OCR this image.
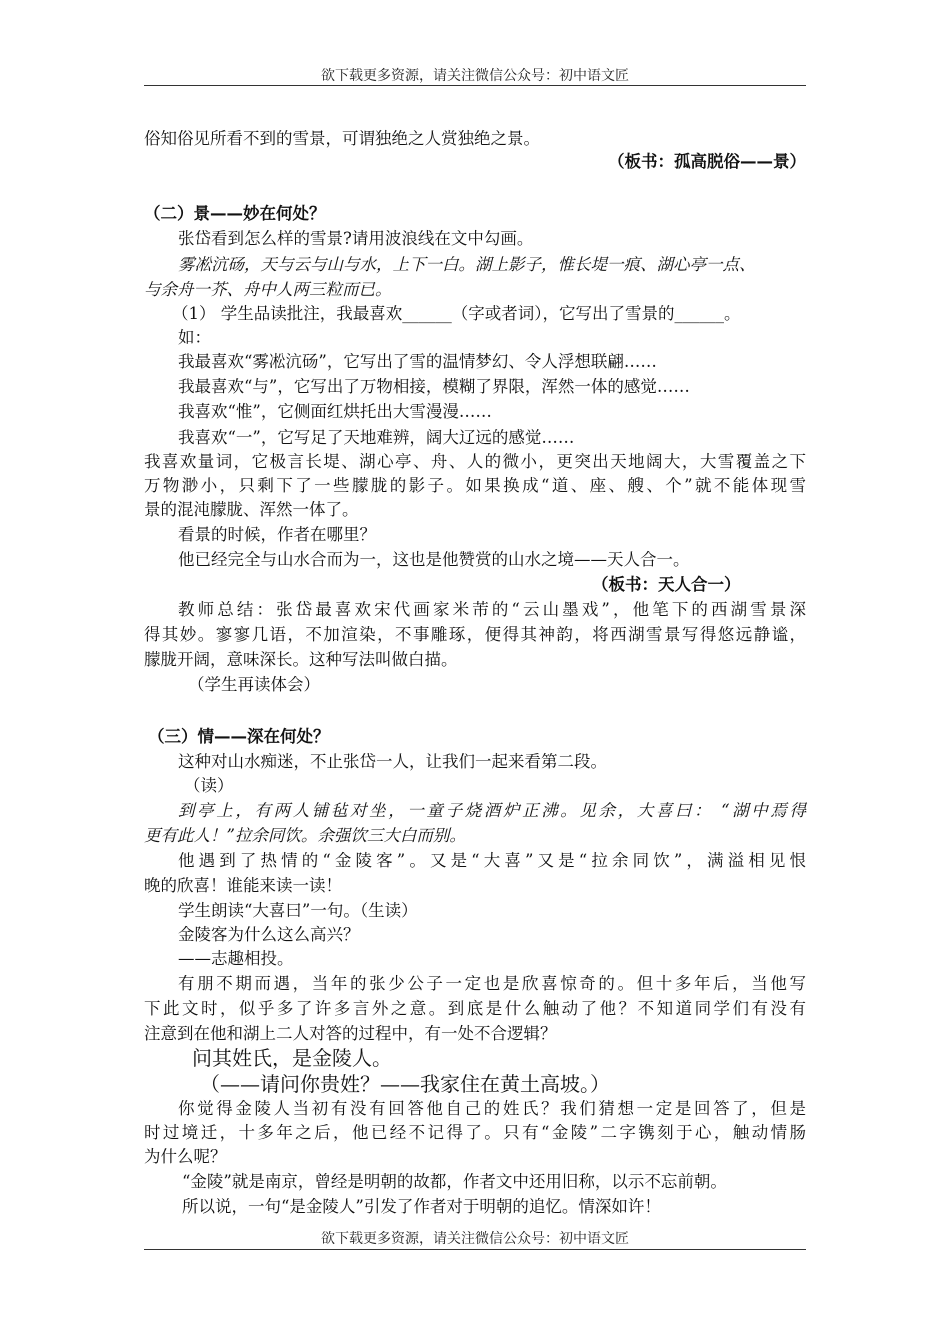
欲下载更多资源，请关注微信公众号：初中语文匠
俗知俗见所看不到的雪景，可谓独绝之人赏独绝之景。
（板书：孤高脱俗——景）
（二）景——妙在何处？
张岱看到怎么样的雪景?请用波浪线在文中勾画。
雾凇沆砀，天与云与山与水，上下一白。湖上影子，惟长堤一痕、湖心亭一点、
与余舟一芥、舟中人两三粒而已。
（1） 学生品读批注，我最喜欢______（字或者词），它写出了雪景的______。
如：
我最喜欢“雾凇沆砀”，它写出了雪的温情梦幻、令人浮想联翩……
我最喜欢“与”，它写出了万物相接，模糊了界限，浑然一体的感觉……
我喜欢“惟”，它侧面红烘托出大雪漫漫……
我喜欢“一”，它写足了天地难辨，阔大辽远的感觉……
我喜欢量词，它极言长堤、湖心亭、舟、人的微小，更突出天地阔大，大雪覆盖之下
万物渺小，只剩下了一些朦胧的影子。如果换成“道、座、艘、个”就不能体现雪
景的混沌朦胧、浑然一体了。
看景的时候，作者在哪里？
他已经完全与山水合而为一，这也是他赞赏的山水之境——天人合一。
（板书：天人合一）
教师总结：张岱最喜欢宋代画家米芾的“云山墨戏”，他笔下的西湖雪景深
得其妙。寥寥几语，不加渲染，不事雕琢，便得其神韵，将西湖雪景写得悠远静谧，
朦胧开阔，意味深长。这种写法叫做白描。
（学生再读体会）
（三）情——深在何处？
这种对山水痴迷，不止张岱一人，让我们一起来看第二段。
（读）
到亭上，有两人铺毡对坐，一童子烧酒炉正沸。见余，大喜曰： “湖中焉得
更有此人！”拉余同饮。余强饮三大白而别。
他遇到了热情的“金陵客”。又是“大喜”又是“拉余同饮”，满溢相见恨
晚的欣喜！谁能来读一读！
学生朗读“大喜曰”一句。（生读）
金陵客为什么这么高兴？
——志趣相投。
有朋不期而遇，当年的张少公子一定也是欣喜惊奇的。但十多年后，当他写
下此文时，似乎多了许多言外之意。到底是什么触动了他？不知道同学们有没有
注意到在他和湖上二人对答的过程中，有一处不合逻辑？
问其姓氏，是金陵人。
（——请问你贵姓？——我家住在黄土高坡。）
你觉得金陵人当初有没有回答他自己的姓氏？我们猜想一定是回答了，但是
时过境迁，十多年之后，他已经不记得了。只有“金陵”二字镌刻于心，触动情肠
为什么呢？
“金陵”就是南京，曾经是明朝的故都，作者文中还用旧称，以示不忘前朝。
所以说，一句“是金陵人”引发了作者对于明朝的追忆。情深如许！
欲下载更多资源，请关注微信公众号：初中语文匠
